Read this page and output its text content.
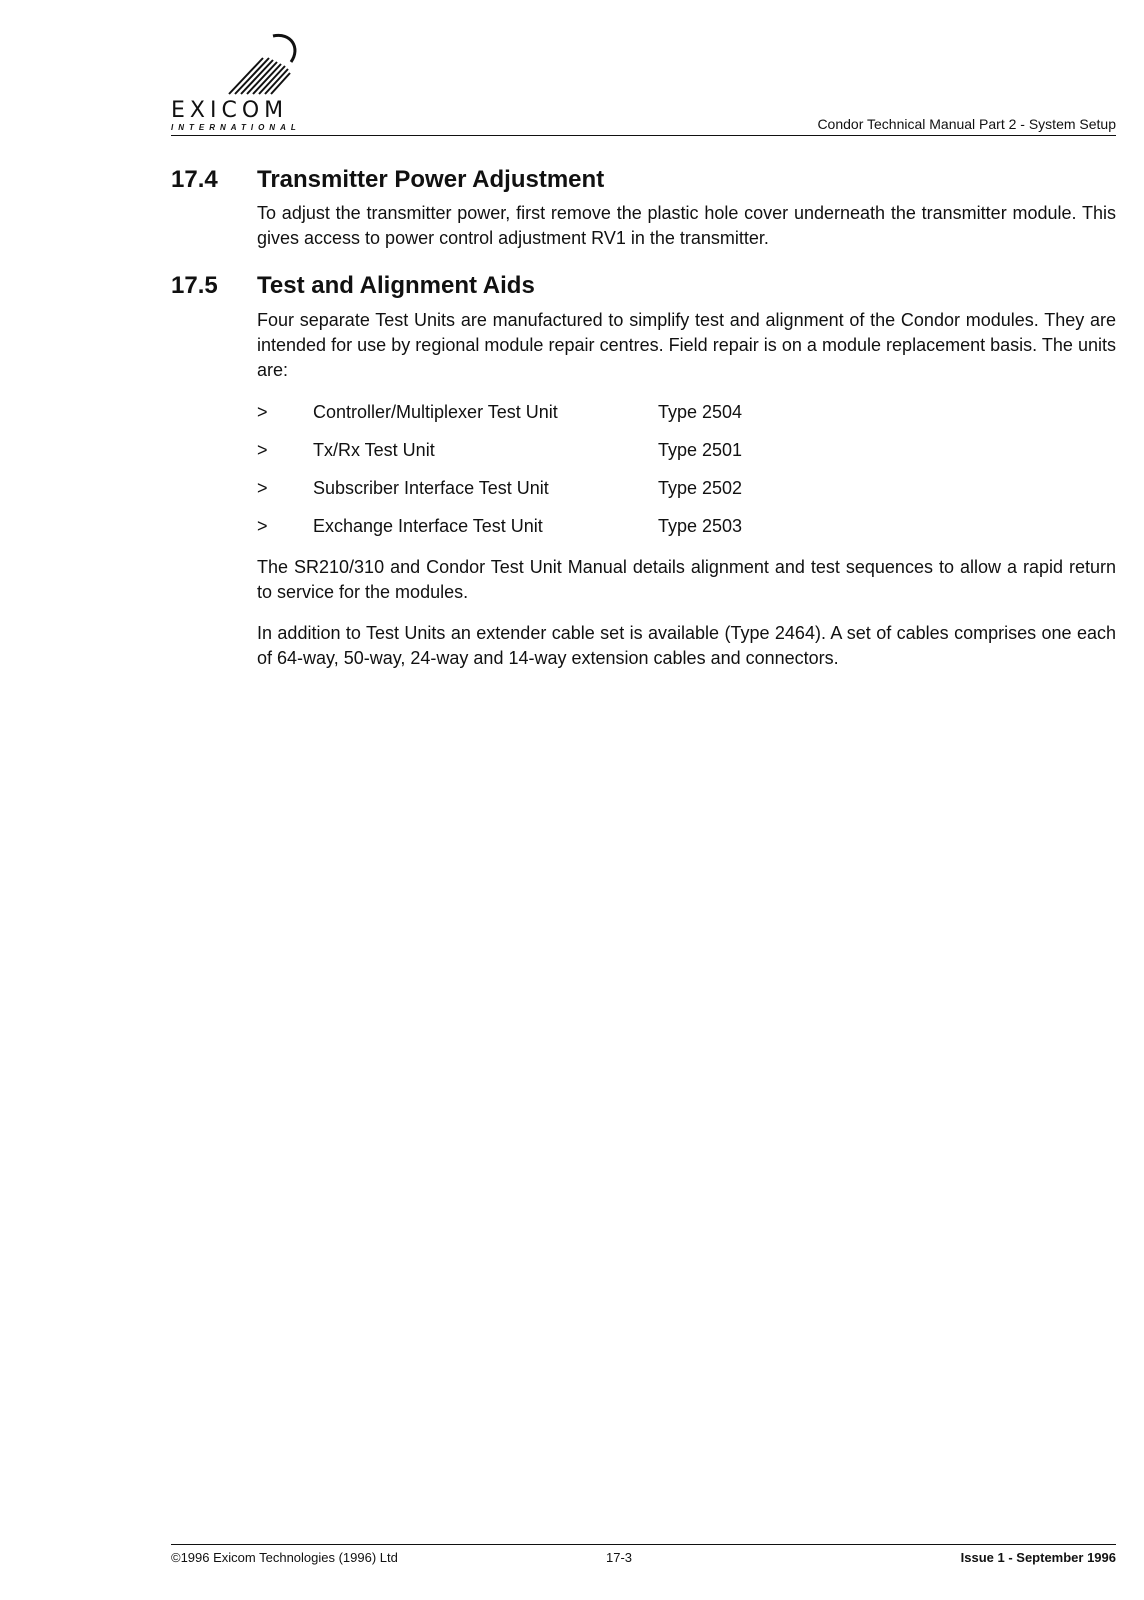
EXICOM
INTERNATIONAL	Condor Technical Manual Part 2 - System Setup
17.4 Transmitter Power Adjustment
To adjust the transmitter power, first remove the plastic hole cover underneath the transmitter module. This gives access to power control adjustment RV1 in the transmitter.
17.5 Test and Alignment Aids
Four separate Test Units are manufactured to simplify test and alignment of the Condor modules. They are intended for use by regional module repair centres. Field repair is on a module replacement basis. The units are:
>	Controller/Multiplexer Test Unit	Type 2504
>	Tx/Rx Test Unit	Type 2501
>	Subscriber Interface Test Unit	Type 2502
>	Exchange Interface Test Unit	Type 2503
The SR210/310 and Condor Test Unit Manual details alignment and test sequences to allow a rapid return to service for the modules.
In addition to Test Units an extender cable set is available (Type 2464). A set of cables comprises one each of 64-way, 50-way, 24-way and 14-way extension cables and connectors.
©1996 Exicom Technologies (1996) Ltd	17-3	Issue 1 - September 1996
